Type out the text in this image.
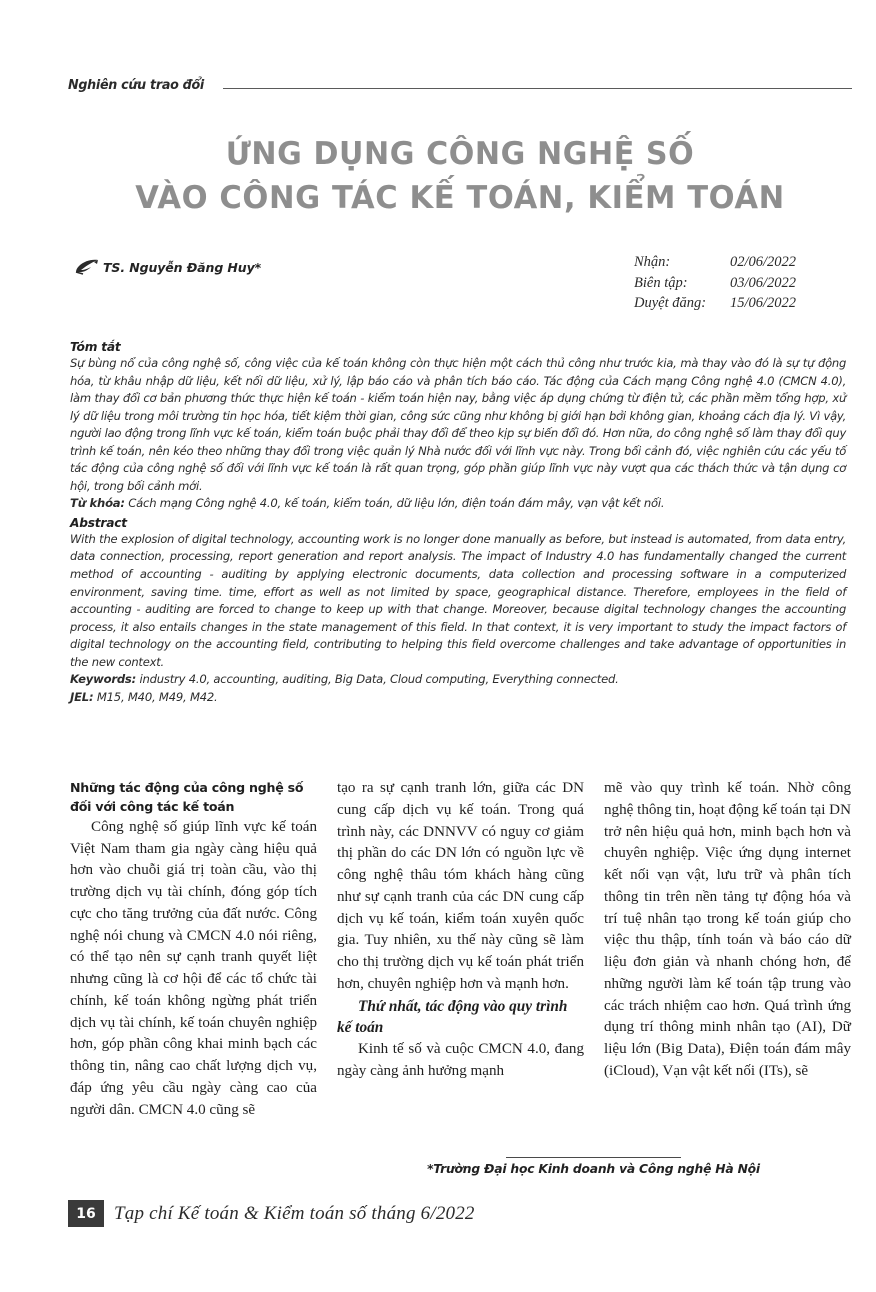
Nghiên cứu trao đổi
ỨNG DỤNG CÔNG NGHỆ SỐ
VÀO CÔNG TÁC KẾ TOÁN, KIỂM TOÁN
TS. Nguyễn Đăng Huy*	Nhận:	02/06/2022
Biên tập:	03/06/2022
Duyệt đăng:	15/06/2022
Tóm tắt

Sự bùng nổ của công nghệ số, công việc của kế toán không còn thực hiện một cách thủ công như trước kia, mà thay vào đó là sự tự động hóa, từ khâu nhập dữ liệu, kết nối dữ liệu, xử lý, lập báo cáo và phân tích báo cáo. Tác động của Cách mạng Công nghệ 4.0 (CMCN 4.0), làm thay đổi cơ bản phương thức thực hiện kế toán - kiểm toán hiện nay, bằng việc áp dụng chứng từ điện tử, các phần mềm tổng hợp, xử lý dữ liệu trong môi trường tin học hóa, tiết kiệm thời gian, công sức cũng như không bị giới hạn bởi không gian, khoảng cách địa lý. Vì vậy, người lao động trong lĩnh vực kế toán, kiểm toán buộc phải thay đổi để theo kịp sự biến đổi đó. Hơn nữa, do công nghệ số làm thay đổi quy trình kế toán, nên kéo theo những thay đổi trong việc quản lý Nhà nước đối với lĩnh vực này. Trong bối cảnh đó, việc nghiên cứu các yếu tố tác động của công nghệ số đối với lĩnh vực kế toán là rất quan trọng, góp phần giúp lĩnh vực này vượt qua các thách thức và tận dụng cơ hội, trong bối cảnh mới.

Từ khóa: Cách mạng Công nghệ 4.0, kế toán, kiểm toán, dữ liệu lớn, điện toán đám mây, vạn vật kết nối.

Abstract

With the explosion of digital technology, accounting work is no longer done manually as before, but instead is automated, from data entry, data connection, processing, report generation and report analysis. The impact of Industry 4.0 has fundamentally changed the current method of accounting - auditing by applying electronic documents, data collection and processing software in a computerized environment, saving time. time, effort as well as not limited by space, geographical distance. Therefore, employees in the field of accounting - auditing are forced to change to keep up with that change. Moreover, because digital technology changes the accounting process, it also entails changes in the state management of this field. In that context, it is very important to study the impact factors of digital technology on the accounting field, contributing to helping this field overcome challenges and take advantage of opportunities in the new context.

Keywords: industry 4.0, accounting, auditing, Big Data, Cloud computing, Everything connected.

JEL: M15, M40, M49, M42.

Những tác động của công nghệ số đối với công tác kế toán

Công nghệ số giúp lĩnh vực kế toán Việt Nam tham gia ngày càng hiệu quả hơn vào chuỗi giá trị toàn cầu, vào thị trường dịch vụ tài chính, đóng góp tích cực cho tăng trưởng của đất nước. Công nghệ nói chung và CMCN 4.0 nói riêng, có thể tạo nên sự cạnh tranh quyết liệt nhưng cũng là cơ hội để các tổ chức tài chính, kế toán không ngừng phát triển dịch vụ tài chính, kế toán chuyên nghiệp hơn, góp phần công khai minh bạch các thông tin, nâng cao chất lượng dịch vụ, đáp ứng yêu cầu ngày càng cao của người dân. CMCN 4.0 cũng sẽ

tạo ra sự cạnh tranh lớn, giữa các DN cung cấp dịch vụ kế toán. Trong quá trình này, các DNNVV có nguy cơ giảm thị phần do các DN lớn có nguồn lực về công nghệ thâu tóm khách hàng cũng như sự cạnh tranh của các DN cung cấp dịch vụ kế toán, kiểm toán xuyên quốc gia. Tuy nhiên, xu thế này cũng sẽ làm cho thị trường dịch vụ kế toán phát triển hơn, chuyên nghiệp hơn và mạnh hơn.

Thứ nhất, tác động vào quy trình kế toán

Kinh tế số và cuộc CMCN 4.0, đang ngày càng ảnh hưởng mạnh

mẽ vào quy trình kế toán. Nhờ công nghệ thông tin, hoạt động kế toán tại DN trở nên hiệu quả hơn, minh bạch hơn và chuyên nghiệp. Việc ứng dụng internet kết nối vạn vật, lưu trữ và phân tích thông tin trên nền tảng tự động hóa và trí tuệ nhân tạo trong kế toán giúp cho việc thu thập, tính toán và báo cáo dữ liệu đơn giản và nhanh chóng hơn, để những người làm kế toán tập trung vào các trách nhiệm cao hơn. Quá trình ứng dụng trí thông minh nhân tạo (AI), Dữ liệu lớn (Big Data), Điện toán đám mây (iCloud), Vạn vật kết nối (ITs), sẽ

*Trường Đại học Kinh doanh và Công nghệ Hà Nội
16 Tạp chí Kế toán & Kiểm toán số tháng 6/2022
